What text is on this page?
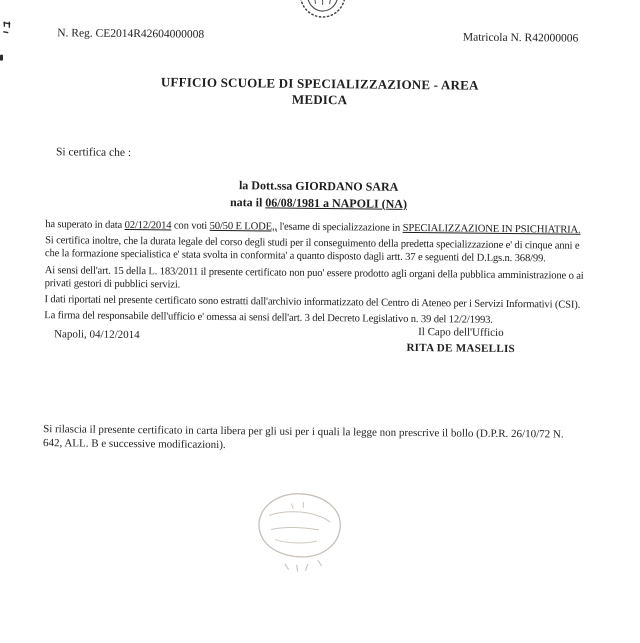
N. Reg. CE2014R42604000008	Matricola N. R42000006
UFFICIO SCUOLE DI SPECIALIZZAZIONE - AREA
MEDICA
Si certifica che :
la Dott.ssa GIORDANO SARA
nata il 06/08/1981 a NAPOLI (NA)

ha superato in data 02/12/2014 con voti 50/50 E LODE,, l'esame di specializzazione in SPECIALIZZAZIONE IN PSICHIATRIA.

Si certifica inoltre, che la durata legale del corso degli studi per il conseguimento della predetta specializzazione e' di cinque anni e che la formazione specialistica e' stata svolta in conformita' a quanto disposto dagli artt. 37 e seguenti del D.Lgs.n. 368/99.

Ai sensi dell'art. 15 della L. 183/2011 il presente certificato non puo' essere prodotto agli organi della pubblica amministrazione o ai privati gestori di pubblici servizi.

I dati riportati nel presente certificato sono estratti dall'archivio informatizzato del Centro di Ateneo per i Servizi Informativi (CSI).

La firma del responsabile dell'ufficio e' omessa ai sensi dell'art. 3 del Decreto Legislativo n. 39 del 12/2/1993.

Napoli, 04/12/2014	Il Capo dell'Ufficio
RITA DE MASELLIS

Si rilascia il presente certificato in carta libera per gli usi per i quali la legge non prescrive il bollo (D.P.R. 26/10/72 N. 642, ALL. B e successive modificazioni).
